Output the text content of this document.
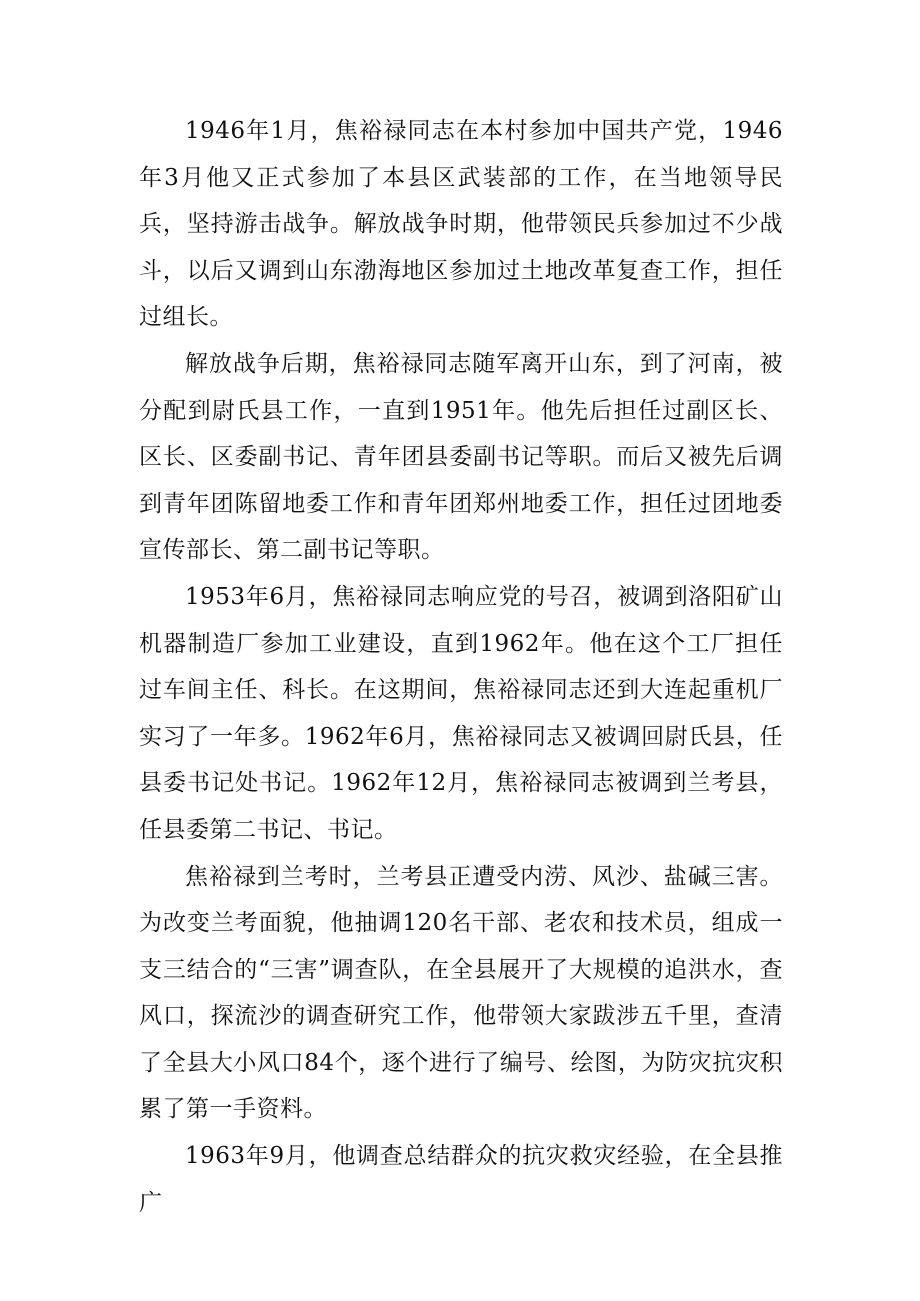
1946年1月，焦裕禄同志在本村参加中国共产党，1946年3月他又正式参加了本县区武装部的工作，在当地领导民兵，坚持游击战争。解放战争时期，他带领民兵参加过不少战斗，以后又调到山东渤海地区参加过土地改革复查工作，担任过组长。

解放战争后期，焦裕禄同志随军离开山东，到了河南，被分配到尉氏县工作，一直到1951年。他先后担任过副区长、区长、区委副书记、青年团县委副书记等职。而后又被先后调到青年团陈留地委工作和青年团郑州地委工作，担任过团地委宣传部长、第二副书记等职。

1953年6月，焦裕禄同志响应党的号召，被调到洛阳矿山机器制造厂参加工业建设，直到1962年。他在这个工厂担任过车间主任、科长。在这期间，焦裕禄同志还到大连起重机厂实习了一年多。1962年6月，焦裕禄同志又被调回尉氏县，任县委书记处书记。1962年12月，焦裕禄同志被调到兰考县，任县委第二书记、书记。

焦裕禄到兰考时，兰考县正遭受内涝、风沙、盐碱三害。为改变兰考面貌，他抽调120名干部、老农和技术员，组成一支三结合的“三害”调查队，在全县展开了大规模的追洪水，查风口，探流沙的调查研究工作，他带领大家跋涉五千里，查清了全县大小风口84个，逐个进行了编号、绘图，为防灾抗灾积累了第一手资料。

1963年9月，他调查总结群众的抗灾救灾经验，在全县推广
